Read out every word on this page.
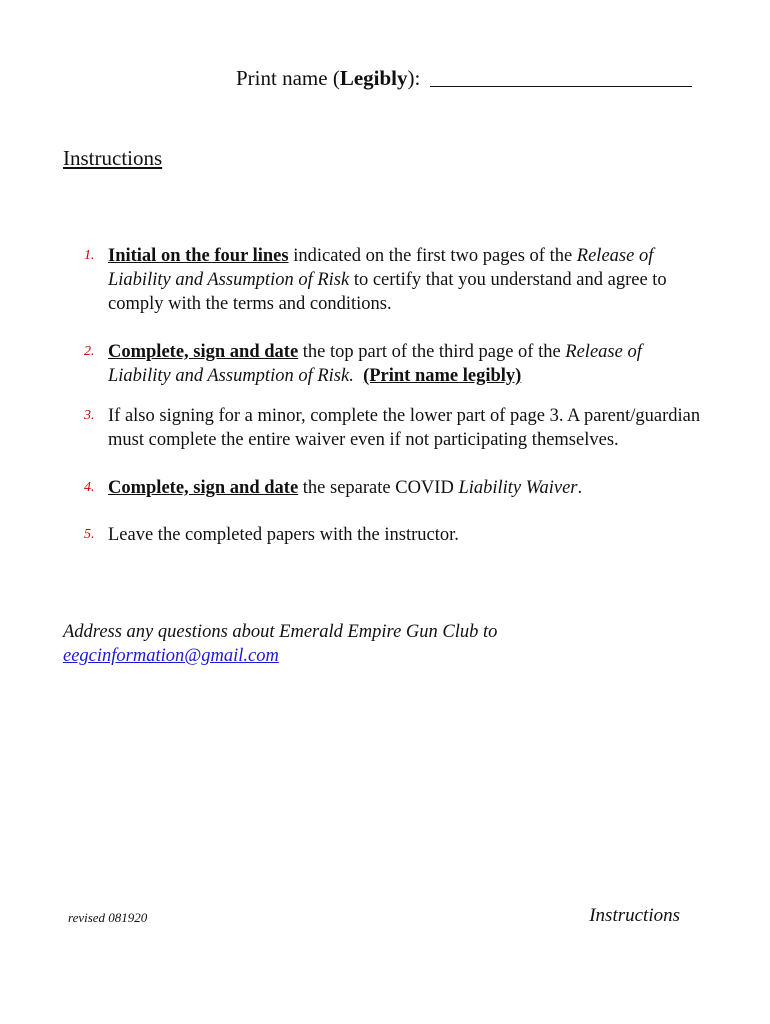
Print name (Legibly):
Instructions
1. Initial on the four lines indicated on the first two pages of the Release of Liability and Assumption of Risk to certify that you understand and agree to comply with the terms and conditions.
2. Complete, sign and date the top part of the third page of the Release of Liability and Assumption of Risk. (Print name legibly)
3. If also signing for a minor, complete the lower part of page 3. A parent/guardian must complete the entire waiver even if not participating themselves.
4. Complete, sign and date the separate COVID Liability Waiver.
5. Leave the completed papers with the instructor.
Address any questions about Emerald Empire Gun Club to
eegcinformation@gmail.com
revised 081920	Instructions
